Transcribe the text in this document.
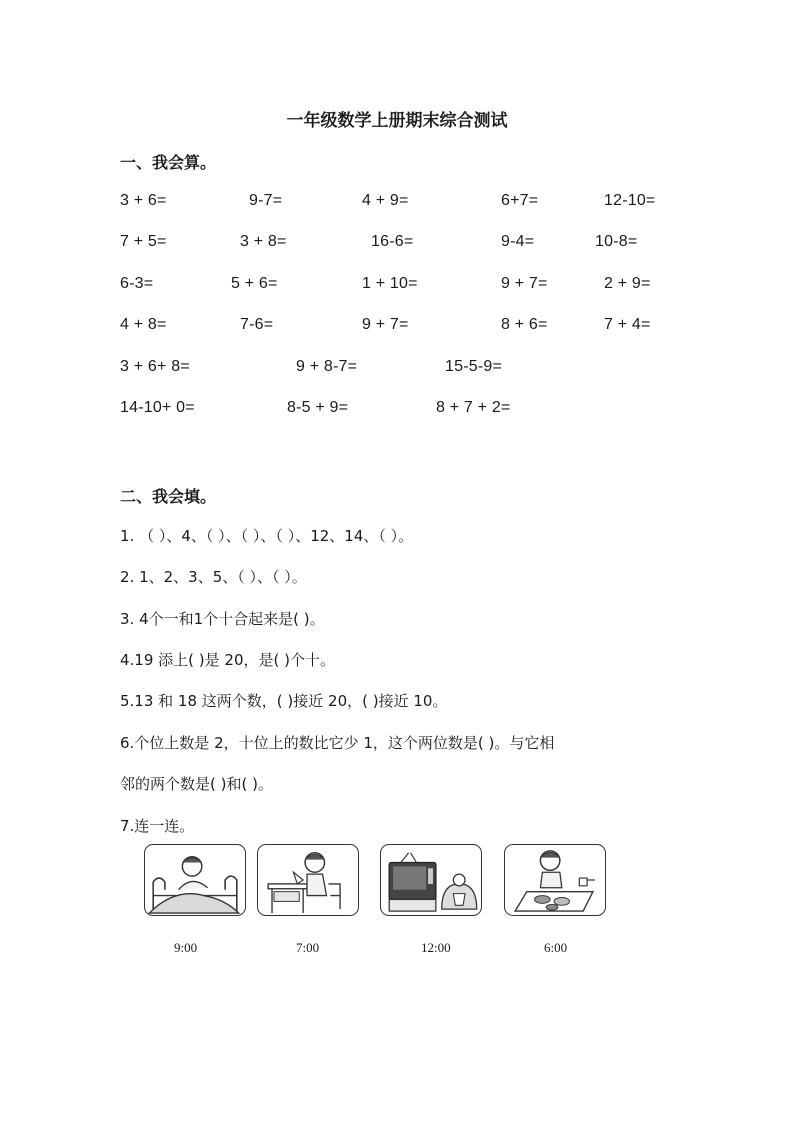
一年级数学上册期末综合测试
一、我会算。
3 + 6=	9-7=	4 + 9=	6+7=	12-10=
7 + 5=	3 + 8=	16-6=	9-4=	10-8=
6-3=	5 + 6=	1 + 10=	9 + 7=	2 + 9=
4 + 8=	7-6=	9 + 7=	8 + 6=	7 + 4=
3 + 6+ 8=	9 + 8-7=	15-5-9=
14-10+ 0=	8-5 + 9=	8 + 7 + 2=
二、我会填。
1. （ ）、4、（ ）、（ ）、（ ）、12、14、（ ）。
2. 1、2、3、5、（ ）、（ ）。
3. 4个一和1个十合起来是( )。
4.19 添上( )是 20，是( )个十。
5.13 和 18 这两个数，( )接近 20，( )接近 10。
6.个位上数是 2，十位上的数比它少 1，这个两位数是( )。与它相
邻的两个数是( )和( )。
7.连一连。
9:00	7:00	12:00	6:00
